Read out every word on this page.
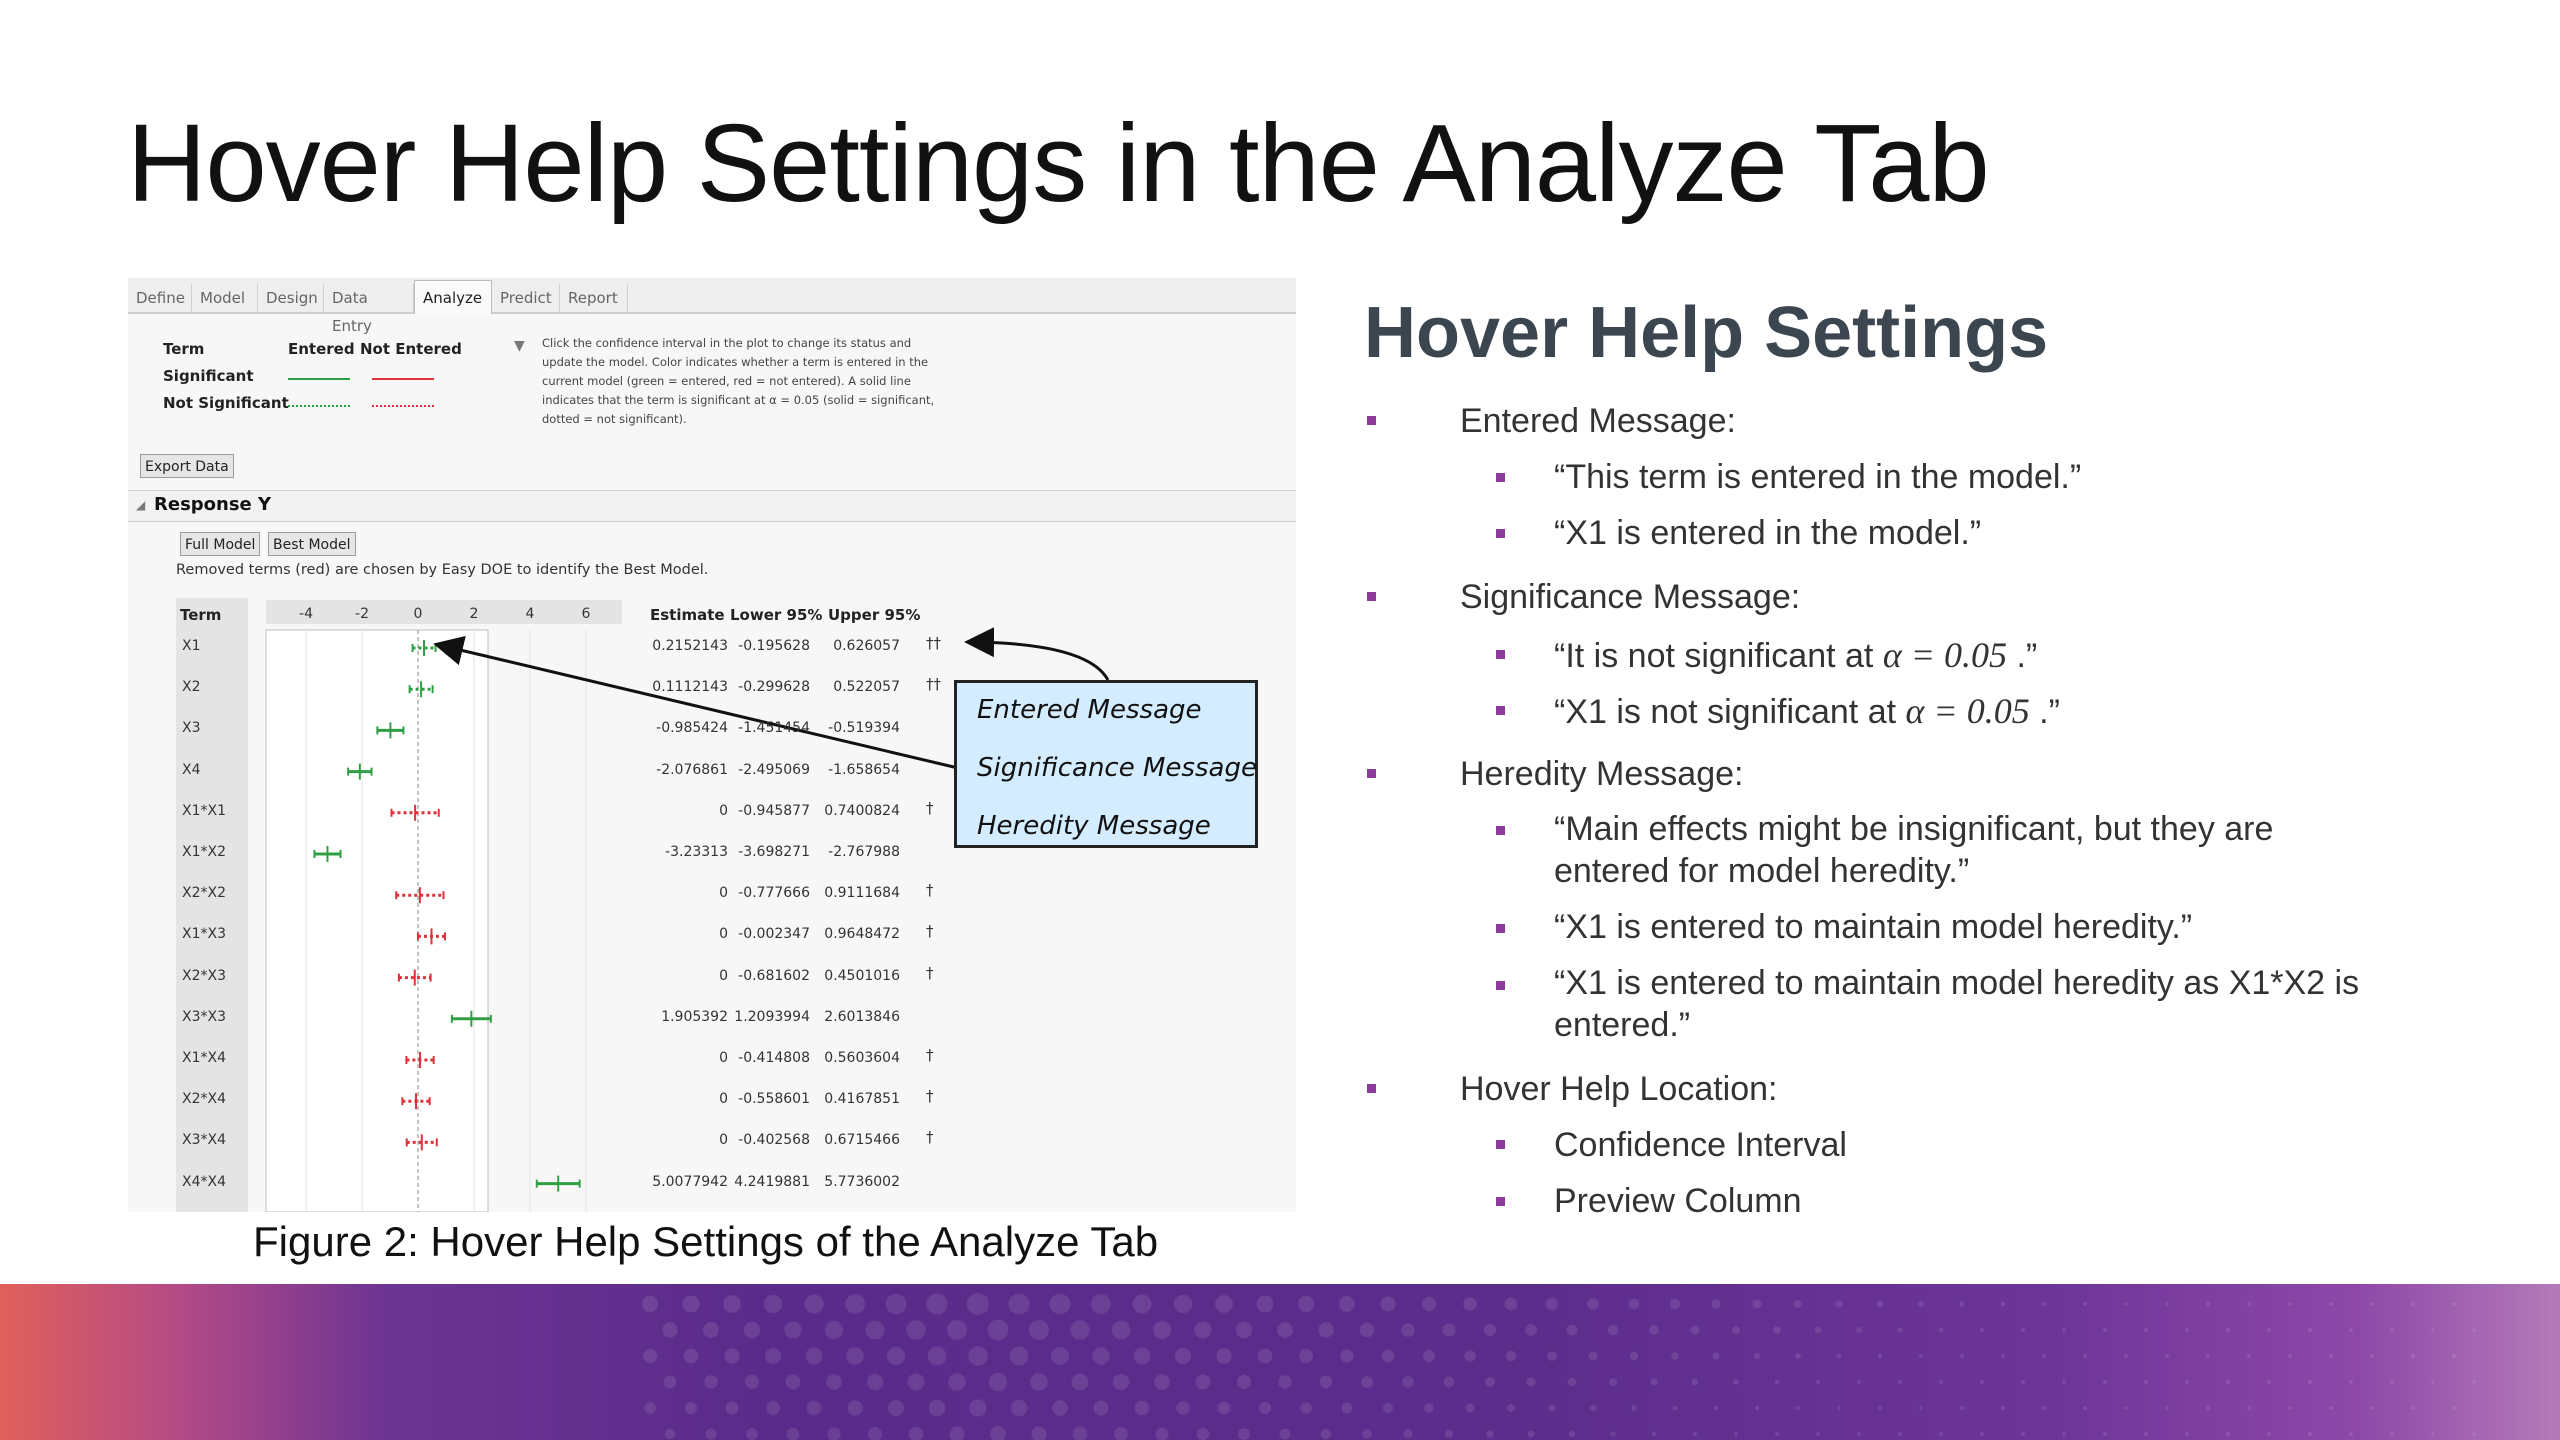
Hover Help Settings in the Analyze Tab
Define	Model	Design Data Entry
Analyze	Predict	Report
Term	Entered Not Entered
Significant
Not Significant
▼ Click the confidence interval in the plot to change its status and update the model. Color indicates whether a term is entered in the current model (green = entered, red = not entered). A solid line indicates that the term is significant at α = 0.05 (solid = significant, dotted = not significant).
Export Data
◢ Response Y
Full Model	Best Model
Removed terms (red) are chosen by Easy DOE to identify the Best Model.
Term	Estimate Lower 95% Upper 95%
-4	-2	0	2	4	6
X1	0.2152143 -0.195628	0.626057 ††
X2	0.1112143 -0.299628	0.522057 ††
X3	-0.985424 -1.451454	-0.519394
X4	-2.076861 -2.495069	-1.658654
X1*X1	0 -0.945877	0.7400824 †
X1*X2	-3.23313 -3.698271	-2.767988
X2*X2	0 -0.777666	0.9111684 †
X1*X3	0 -0.002347	0.9648472 †
X2*X3	0 -0.681602	0.4501016 †
X3*X3	1.905392 1.2093994	2.6013846
X1*X4	0 -0.414808	0.5603604 †
X2*X4	0 -0.558601	0.4167851 †
X3*X4	0 -0.402568	0.6715466 †
X4*X4	5.0077942 4.2419881	5.7736002
Entered Message
Significance Message
Heredity Message
Figure 2: Hover Help Settings of the Analyze Tab
Hover Help Settings
Entered Message:
“This term is entered in the model.”
“X1 is entered in the model.”
Significance Message:
“It is not significant at α = 0.05 .”
“X1 is not significant at α = 0.05 .”
Heredity Message:
“Main effects might be insignificant, but they are entered for model heredity.”
“X1 is entered to maintain model heredity.”
“X1 is entered to maintain model heredity as X1*X2 is entered.”
Hover Help Location:
Confidence Interval
Preview Column
